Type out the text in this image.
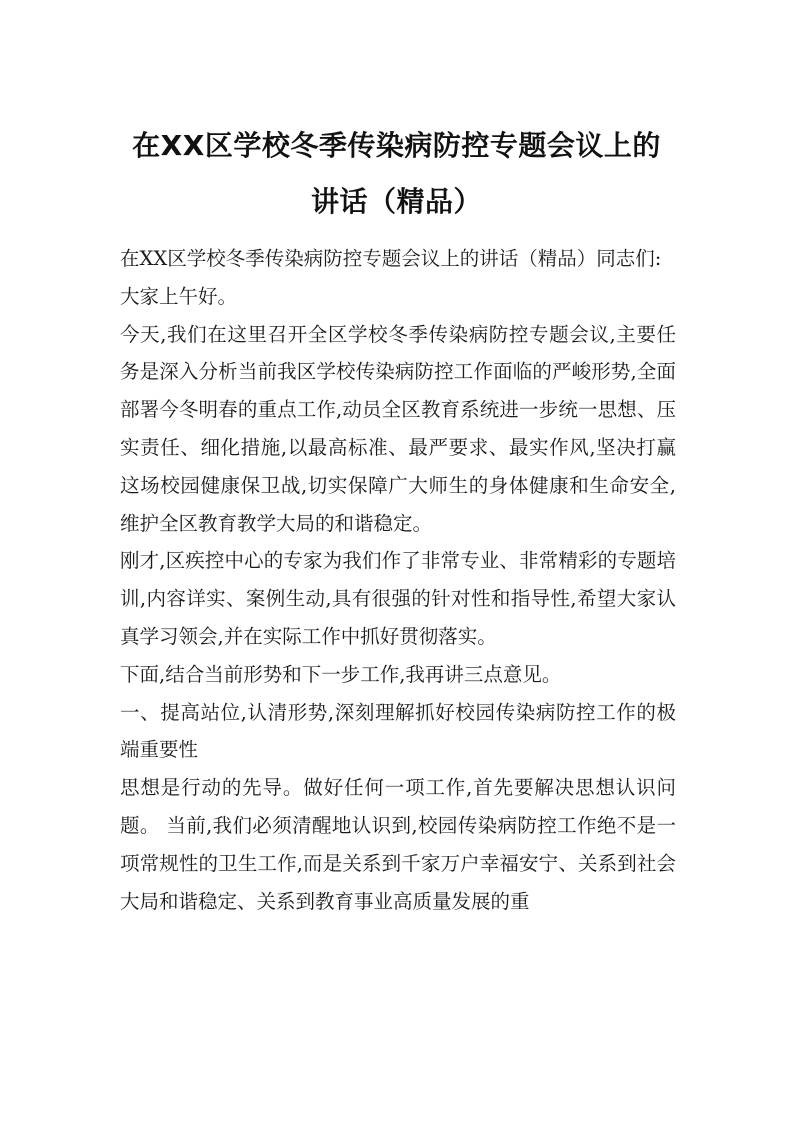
在XX区学校冬季传染病防控专题会议上的
讲话（精品）

在XX区学校冬季传染病防控专题会议上的讲话（精品）同志们:

大家上午好。

今天,我们在这里召开全区学校冬季传染病防控专题会议,主要任务是深入分析当前我区学校传染病防控工作面临的严峻形势,全面部署今冬明春的重点工作,动员全区教育系统进一步统一思想、压实责任、细化措施,以最高标准、最严要求、最实作风,坚决打赢这场校园健康保卫战,切实保障广大师生的身体健康和生命安全,维护全区教育教学大局的和谐稳定。

刚才,区疾控中心的专家为我们作了非常专业、非常精彩的专题培训,内容详实、案例生动,具有很强的针对性和指导性,希望大家认真学习领会,并在实际工作中抓好贯彻落实。

下面,结合当前形势和下一步工作,我再讲三点意见。

一、提高站位,认清形势,深刻理解抓好校园传染病防控工作的极端重要性

思想是行动的先导。做好任何一项工作,首先要解决思想认识问题。 当前,我们必须清醒地认识到,校园传染病防控工作绝不是一项常规性的卫生工作,而是关系到千家万户幸福安宁、关系到社会大局和谐稳定、关系到教育事业高质量发展的重
